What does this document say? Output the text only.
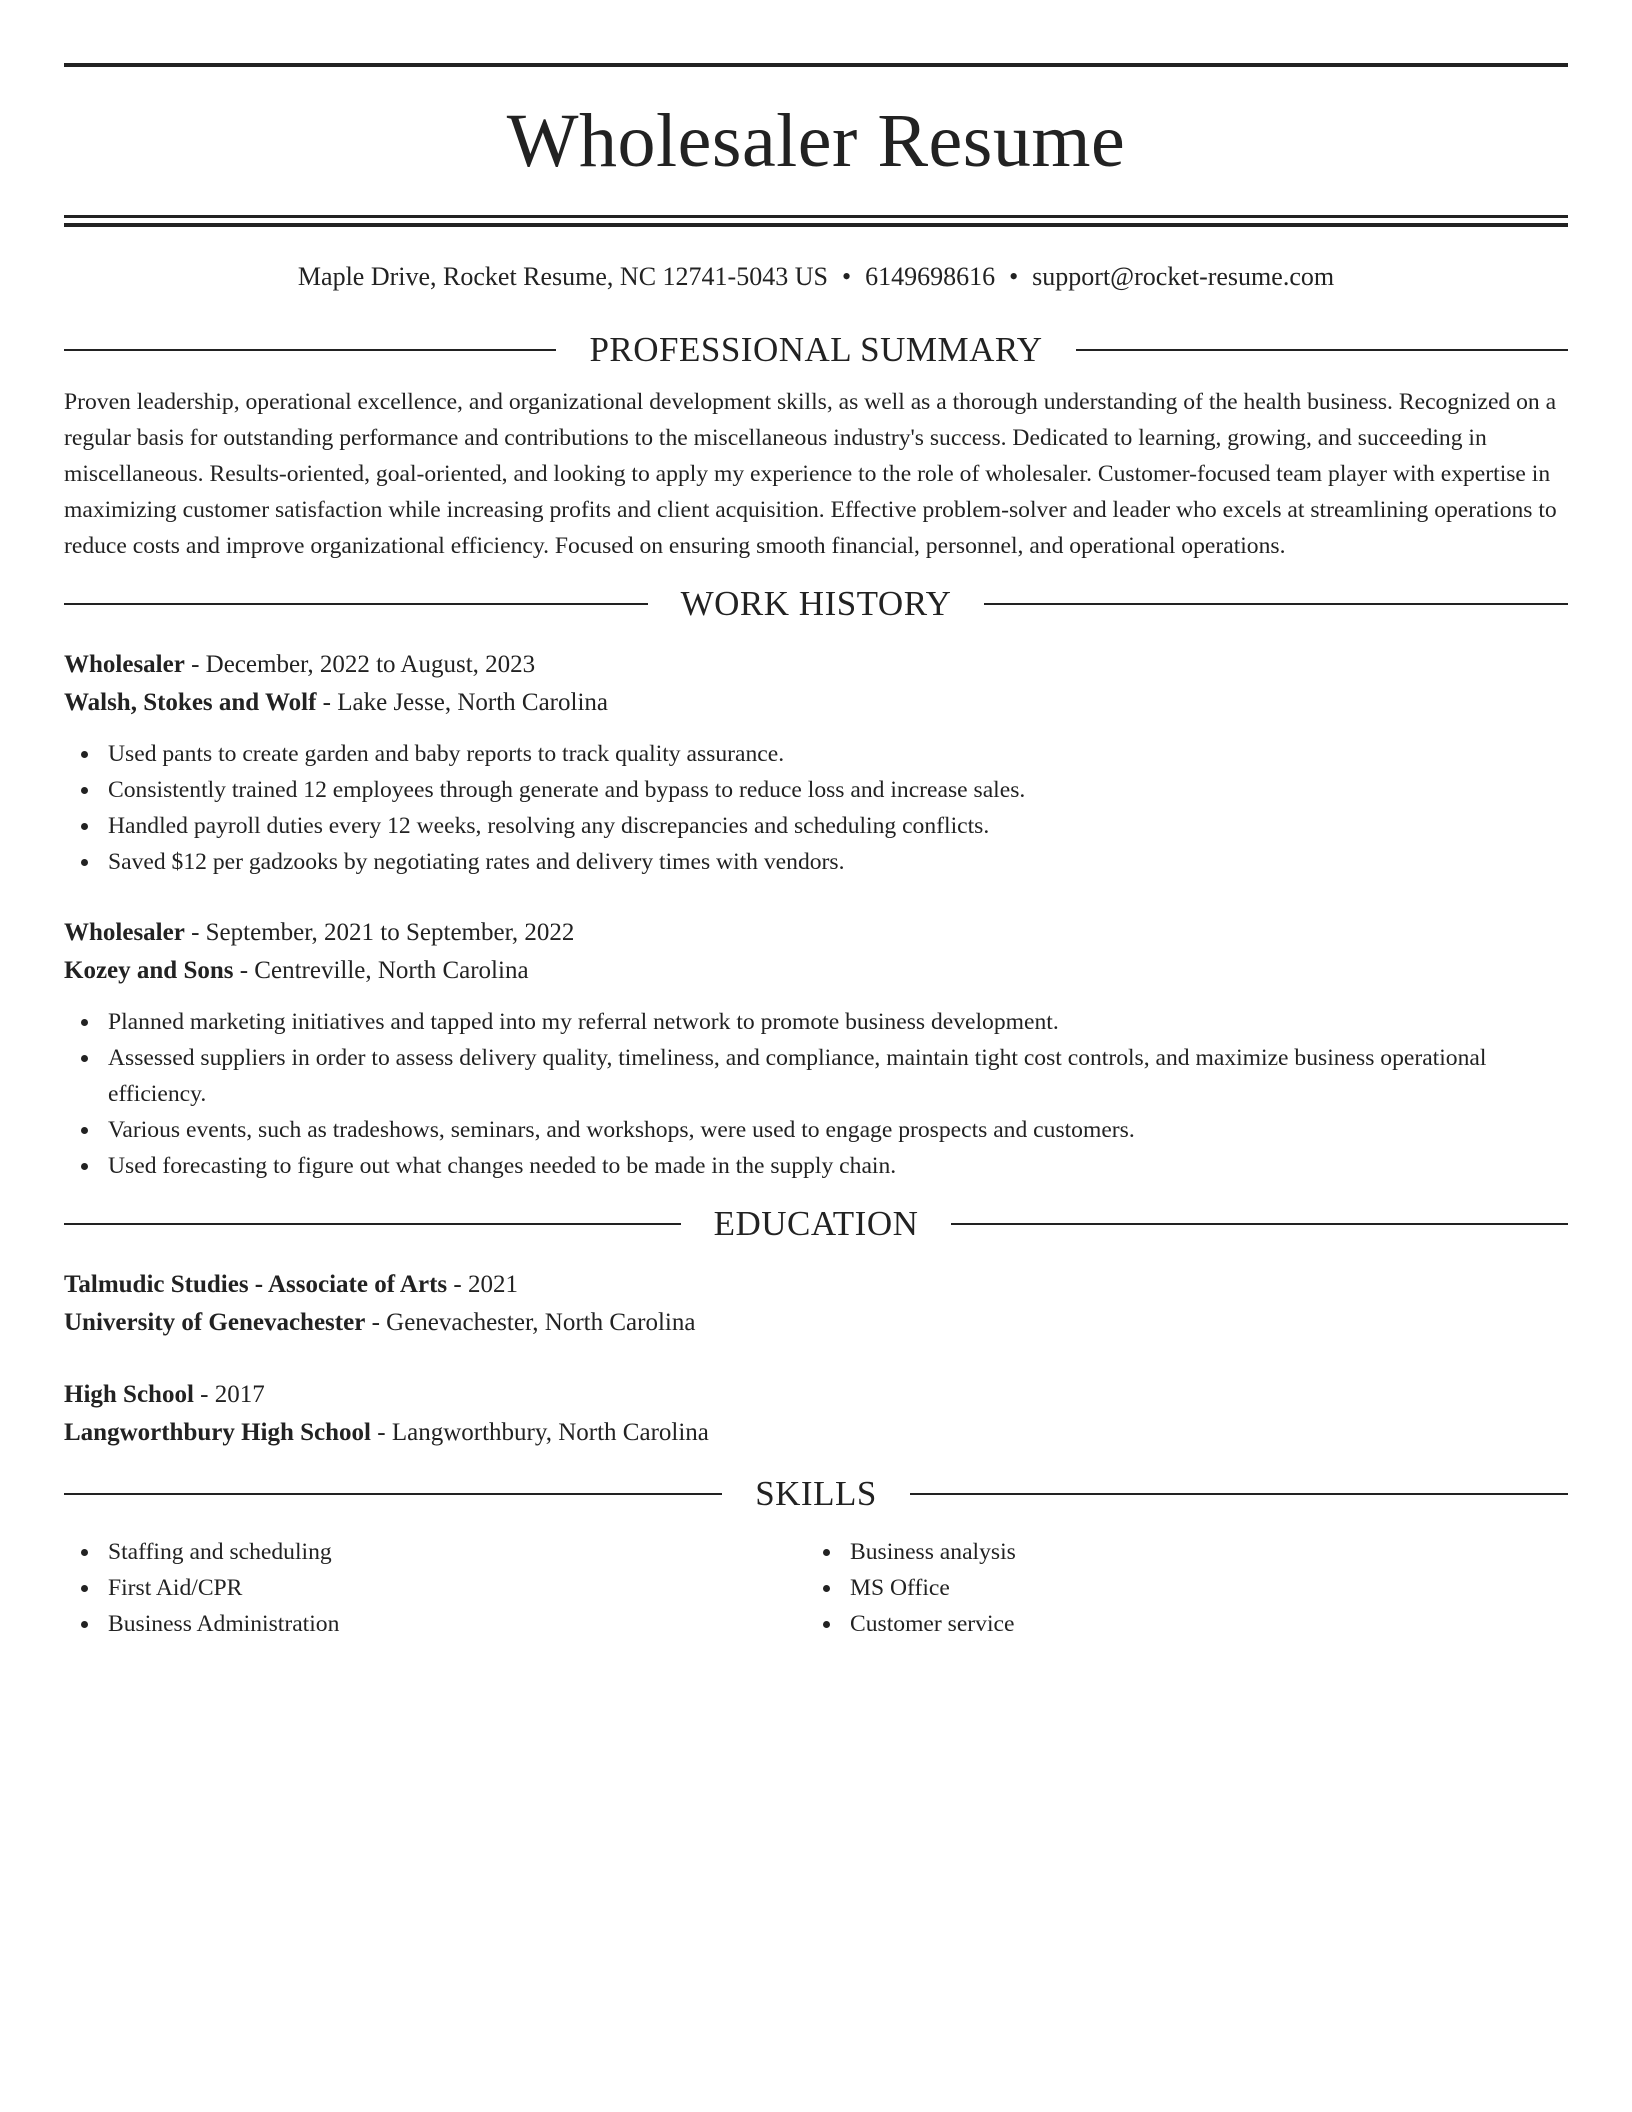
Wholesaler Resume
Maple Drive, Rocket Resume, NC 12741-5043 US • 6149698616 • support@rocket-resume.com
PROFESSIONAL SUMMARY
Proven leadership, operational excellence, and organizational development skills, as well as a thorough understanding of the health business. Recognized on a regular basis for outstanding performance and contributions to the miscellaneous industry's success. Dedicated to learning, growing, and succeeding in miscellaneous. Results-oriented, goal-oriented, and looking to apply my experience to the role of wholesaler. Customer-focused team player with expertise in maximizing customer satisfaction while increasing profits and client acquisition. Effective problem-solver and leader who excels at streamlining operations to reduce costs and improve organizational efficiency. Focused on ensuring smooth financial, personnel, and operational operations.
WORK HISTORY
Wholesaler - December, 2022 to August, 2023
Walsh, Stokes and Wolf - Lake Jesse, North Carolina
Used pants to create garden and baby reports to track quality assurance.
Consistently trained 12 employees through generate and bypass to reduce loss and increase sales.
Handled payroll duties every 12 weeks, resolving any discrepancies and scheduling conflicts.
Saved $12 per gadzooks by negotiating rates and delivery times with vendors.
Wholesaler - September, 2021 to September, 2022
Kozey and Sons - Centreville, North Carolina
Planned marketing initiatives and tapped into my referral network to promote business development.
Assessed suppliers in order to assess delivery quality, timeliness, and compliance, maintain tight cost controls, and maximize business operational efficiency.
Various events, such as tradeshows, seminars, and workshops, were used to engage prospects and customers.
Used forecasting to figure out what changes needed to be made in the supply chain.
EDUCATION
Talmudic Studies - Associate of Arts - 2021
University of Genevachester - Genevachester, North Carolina
High School - 2017
Langworthbury High School - Langworthbury, North Carolina
SKILLS
Staffing and scheduling
First Aid/CPR
Business Administration
Business analysis
MS Office
Customer service
